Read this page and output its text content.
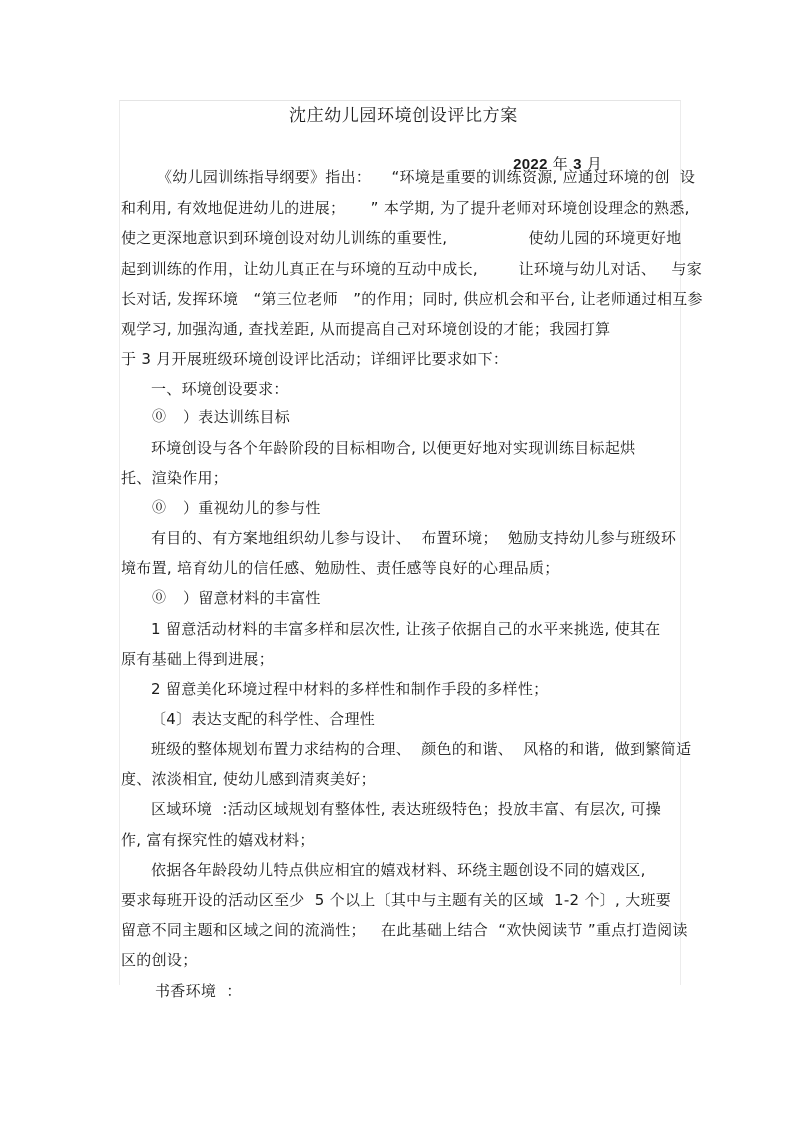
沈庄幼儿园环境创设评比方案

2022 年 3 月

《幼儿园训练指导纲要》指出：    “环境是重要的训练资源, 应通过环境的创  设
和利用, 有效地促进幼儿的进展；     ” 本学期, 为了提升老师对环境创设理念的熟悉,
使之更深地意识到环境创设对幼儿训练的重要性,                使幼儿园的环境更好地
起到训练的作用，让幼儿真正在与环境的互动中成长,        让环境与幼儿对话、   与家
长对话, 发挥环境   “第三位老师   ”的作用；同时, 供应机会和平台, 让老师通过相互参
观学习, 加强沟通, 查找差距, 从而提高自己对环境创设的才能；我园打算
于 3 月开展班级环境创设评比活动；详细评比要求如下：
一、环境创设要求：
⓪ ）表达训练目标
环境创设与各个年龄阶段的目标相吻合, 以便更好地对实现训练目标起烘
托、渲染作用；
⓪ ）重视幼儿的参与性
有目的、有方案地组织幼儿参与设计、  布置环境；  勉励支持幼儿参与班级环
境布置, 培育幼儿的信任感、勉励性、责任感等良好的心理品质；
⓪ ）留意材料的丰富性
1 留意活动材料的丰富多样和层次性, 让孩子依据自己的水平来挑选, 使其在
原有基础上得到进展；
2 留意美化环境过程中材料的多样性和制作手段的多样性；
〔4〕表达支配的科学性、合理性
班级的整体规划布置力求结构的合理、  颜色的和谐、  风格的和谐,  做到繁简适
度、浓淡相宜, 使幼儿感到清爽美好；
区域环境  :活动区域规划有整体性, 表达班级特色；投放丰富、有层次, 可操
作, 富有探究性的嬉戏材料；
依据各年龄段幼儿特点供应相宜的嬉戏材料、环绕主题创设不同的嬉戏区,
要求每班开设的活动区至少  5 个以上〔其中与主题有关的区域  1-2 个〕, 大班要
留意不同主题和区域之间的流淌性；   在此基础上结合  “欢快阅读节 ”重点打造阅读
区的创设；
书香环境  ：
